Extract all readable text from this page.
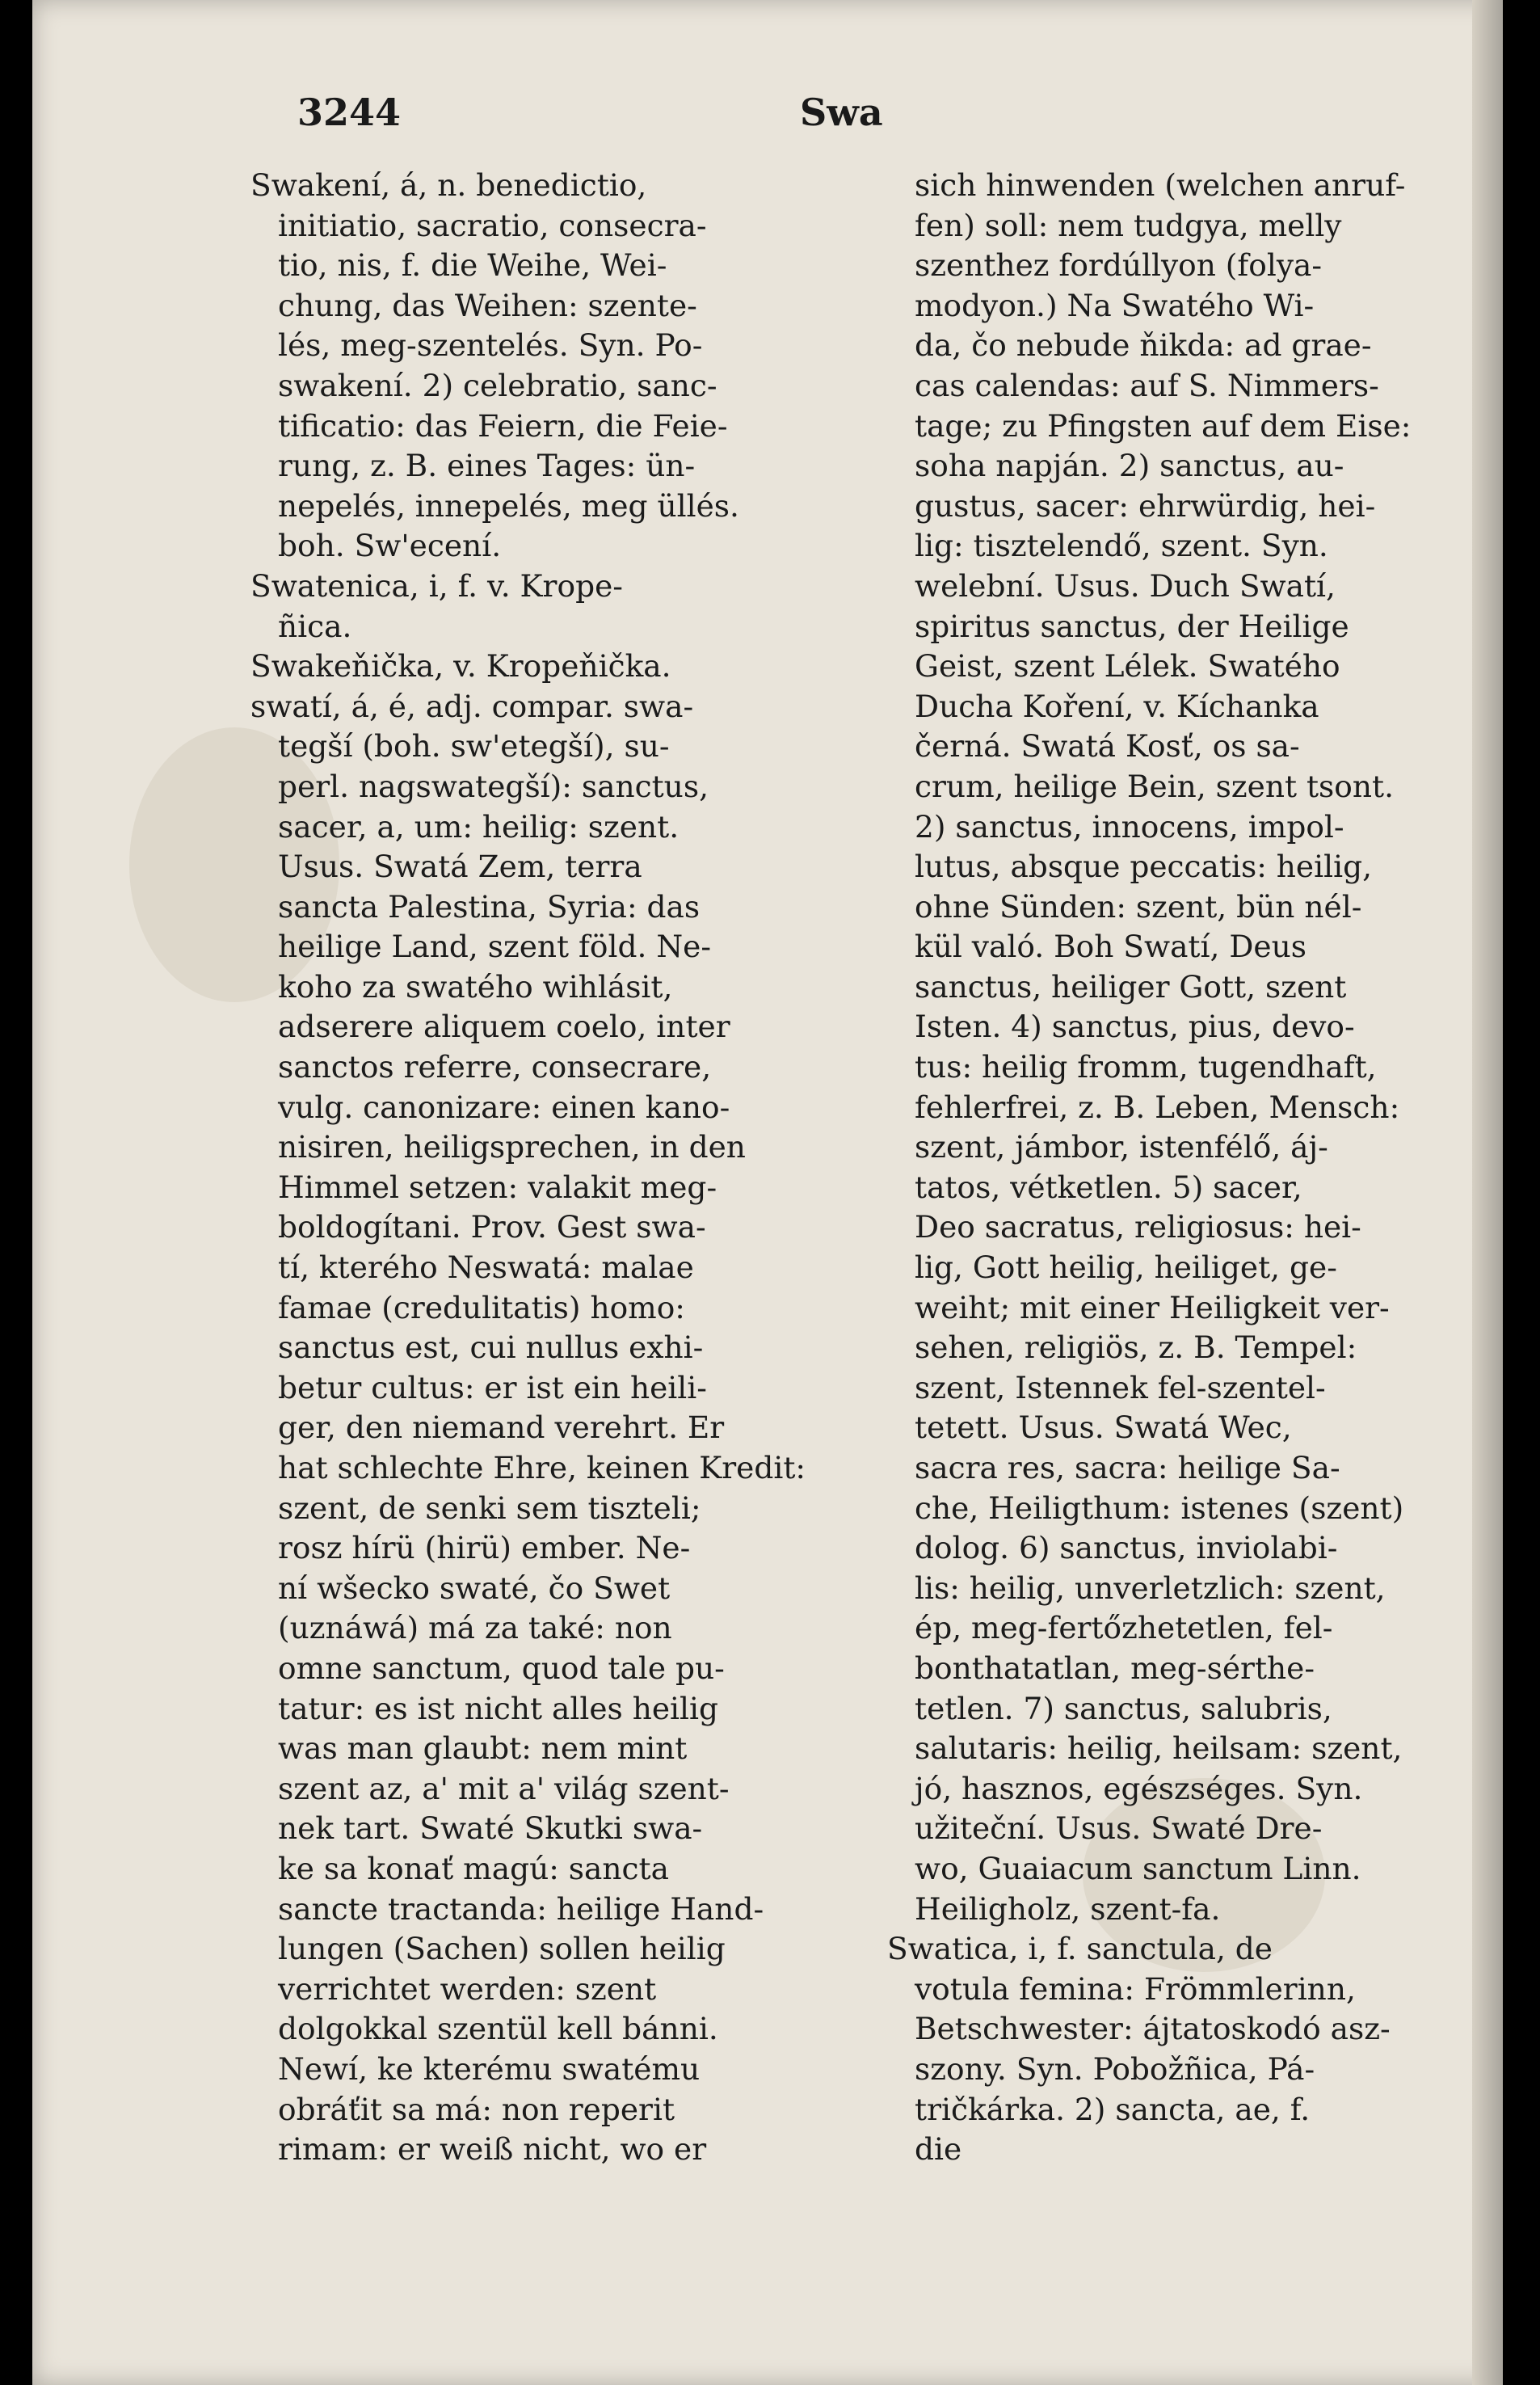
3244	Swa
Swakení, á, n. benedictio,
initiatio, sacratio, consecra-
tio, nis, f. die Weihe, Wei-
chung, das Weihen: szente-
lés, meg-szentelés. Syn. Po-
swakení. 2) celebratio, sanc-
tificatio: das Feiern, die Feie-
rung, z. B. eines Tages: ün-
nepelés, innepelés, meg üllés.
boh. Sw'ecení.
Swatenica, i, f. v. Krope-
ñica.
Swakeňička, v. Kropeňička.
swatí, á, é, adj. compar. swa-
tegší (boh. sw'etegší), su-
perl. nagswategší): sanctus,
sacer, a, um: heilig: szent.
Usus. Swatá Zem, terra
sancta Palestina, Syria: das
heilige Land, szent föld. Ne-
koho za swatého wihlásit,
adserere aliquem coelo, inter
sanctos referre, consecrare,
vulg. canonizare: einen kano-
nisiren, heiligsprechen, in den
Himmel setzen: valakit meg-
boldogítani. Prov. Gest swa-
tí, kterého Neswatá: malae
famae (credulitatis) homo:
sanctus est, cui nullus exhi-
betur cultus: er ist ein heili-
ger, den niemand verehrt. Er
hat schlechte Ehre, keinen Kredit:
szent, de senki sem tiszteli;
rosz hírü (hirü) ember. Ne-
ní wšecko swaté, čo Swet
(uznáwá) má za také: non
omne sanctum, quod tale pu-
tatur: es ist nicht alles heilig
was man glaubt: nem mint
szent az, a' mit a' világ szent-
nek tart. Swaté Skutki swa-
ke sa konať magú: sancta
sancte tractanda: heilige Hand-
lungen (Sachen) sollen heilig
verrichtet werden: szent
dolgokkal szentül kell bánni.
Newí, ke kterému swatému
obráťit sa má: non reperit
rimam: er weiß nicht, wo er
sich hinwenden (welchen anruf-
fen) soll: nem tudgya, melly
szenthez fordúllyon (folya-
modyon.) Na Swatého Wi-
da, čo nebude ňikda: ad grae-
cas calendas: auf S. Nimmers-
tage; zu Pfingsten auf dem Eise:
soha napján. 2) sanctus, au-
gustus, sacer: ehrwürdig, hei-
lig: tisztelendő, szent. Syn.
welební. Usus. Duch Swatí,
spiritus sanctus, der Heilige
Geist, szent Lélek. Swatého
Ducha Koření, v. Kíchanka
černá. Swatá Kosť, os sa-
crum, heilige Bein, szent tsont.
2) sanctus, innocens, impol-
lutus, absque peccatis: heilig,
ohne Sünden: szent, bün nél-
kül való. Boh Swatí, Deus
sanctus, heiliger Gott, szent
Isten. 4) sanctus, pius, devo-
tus: heilig fromm, tugendhaft,
fehlerfrei, z. B. Leben, Mensch:
szent, jámbor, istenfélő, áj-
tatos, vétketlen. 5) sacer,
Deo sacratus, religiosus: hei-
lig, Gott heilig, heiliget, ge-
weiht; mit einer Heiligkeit ver-
sehen, religiös, z. B. Tempel:
szent, Istennek fel-szentel-
tetett. Usus. Swatá Wec,
sacra res, sacra: heilige Sa-
che, Heiligthum: istenes (szent)
dolog. 6) sanctus, inviolabi-
lis: heilig, unverletzlich: szent,
ép, meg-fertőzhetetlen, fel-
bonthatatlan, meg-sérthe-
tetlen. 7) sanctus, salubris,
salutaris: heilig, heilsam: szent,
jó, hasznos, egészséges. Syn.
užiteční. Usus. Swaté Dre-
wo, Guaiacum sanctum Linn.
Heiligholz, szent-fa.
Swatica, i, f. sanctula, de
votula femina: Frömmlerinn,
Betschwester: ájtatoskodó asz-
szony. Syn. Pobožñica, Pá-
tričkárka. 2) sancta, ae, f.
die
